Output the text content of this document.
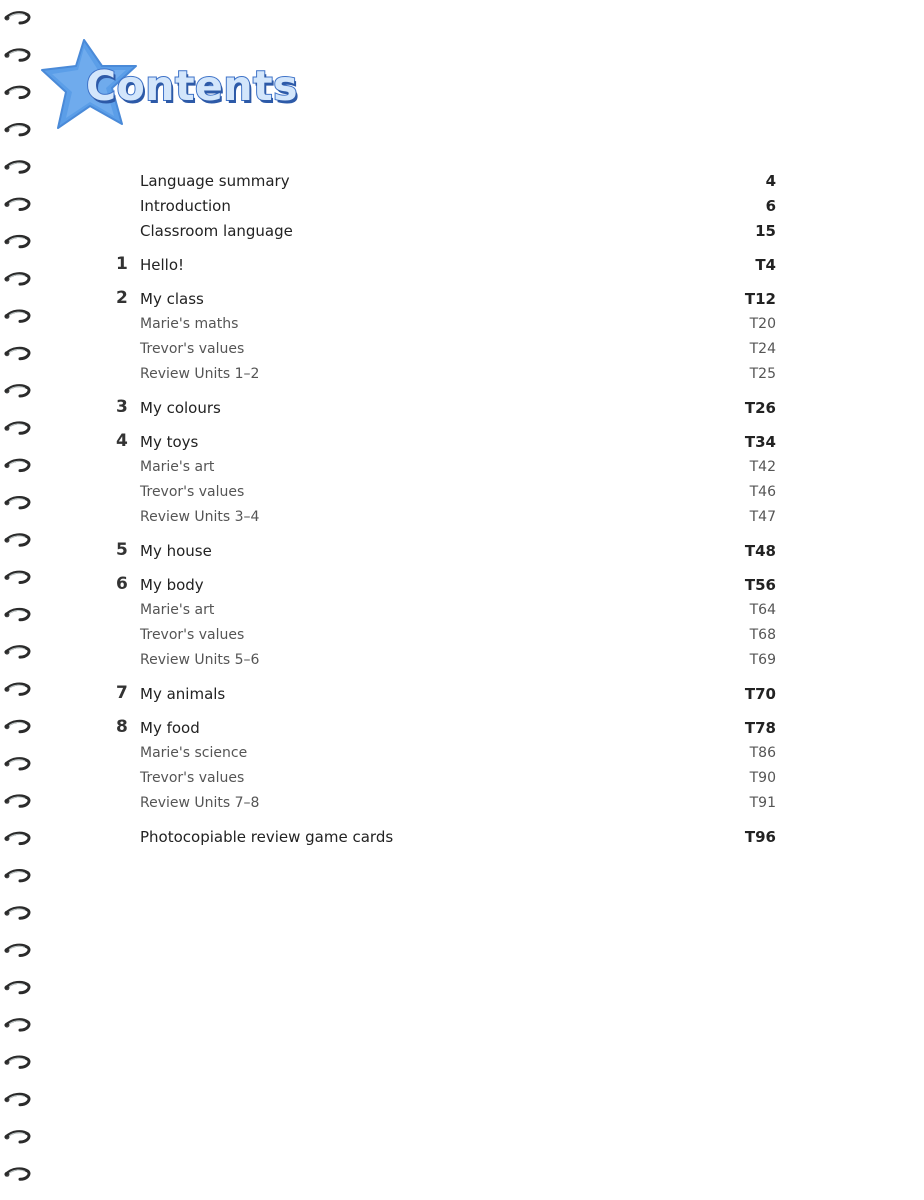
Contents
Language summary	4
Introduction	6
Classroom language	15
1 Hello!	T4
2 My class	T12
Marie's maths	T20
Trevor's values	T24
Review Units 1–2	T25
3 My colours	T26
4 My toys	T34
Marie's art	T42
Trevor's values	T46
Review Units 3–4	T47
5 My house	T48
6 My body	T56
Marie's art	T64
Trevor's values	T68
Review Units 5–6	T69
7 My animals	T70
8 My food	T78
Marie's science	T86
Trevor's values	T90
Review Units 7–8	T91
Photocopiable review game cards	T96
